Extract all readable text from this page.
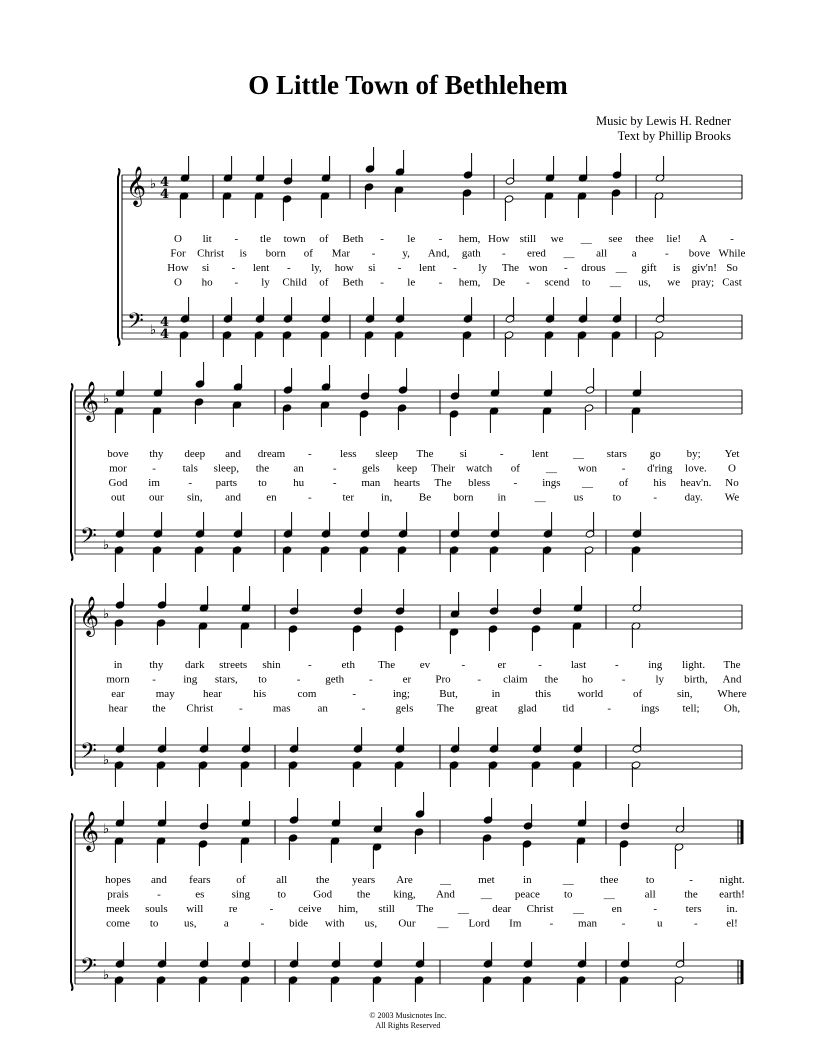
O Little Town of Bethlehem
Music by Lewis H. Redner
Text by Phillip Brooks
𝄞
𝄢
♭
♭
4
4
4
4
O lit - tle town of Beth - le - hem, How still we __ see thee lie! A -
For Christ is born of Mar - y, And, gath - ered __ all a	- bove While
How si - lent - ly, how si - lent - ly The won - drous __ gift is giv'n! So
O ho - ly Child of Beth - le - hem, De - scend to __ us, we pray; Cast
𝄞
𝄢
♭
♭
bove thy deep and dream -	less sleep The si	-	lent __ stars go by; Yet
mor - tals sleep, the an	- gels keep Their watch of __ won - d'ring love. O
God im	- parts to hu	- man hearts The bless - ings __ of his heav'n. No
out our sin, and en	-	ter in, Be born in	__	us	to	-	day. We
𝄞
𝄢
♭
♭
in thy dark streets shin -	eth The ev	-	er	-	last	-	ing light. The
morn - ing stars, to	- geth -	er Pro - claim the ho	-	ly birth, And
ear	may	hear	his	com	-	ing;	But,	in	this world	of	sin, Where
hear the Christ -	mas an	-	gels The great glad tid	-	ings tell; Oh,
𝄞
𝄢
♭
♭
hopes and fears of	all	the years Are __ met	in	__ thee to	- night.
prais	-	es sing to God the king, And __ peace to	__	all	the earth!
meek souls will re	- ceive him, still The __ dear Christ __	en	-	ters in.
come to us, a	- bide with us, Our __ Lord Im	- man -	u	-	el!
© 2003 Musicnotes Inc.
All Rights Reserved
